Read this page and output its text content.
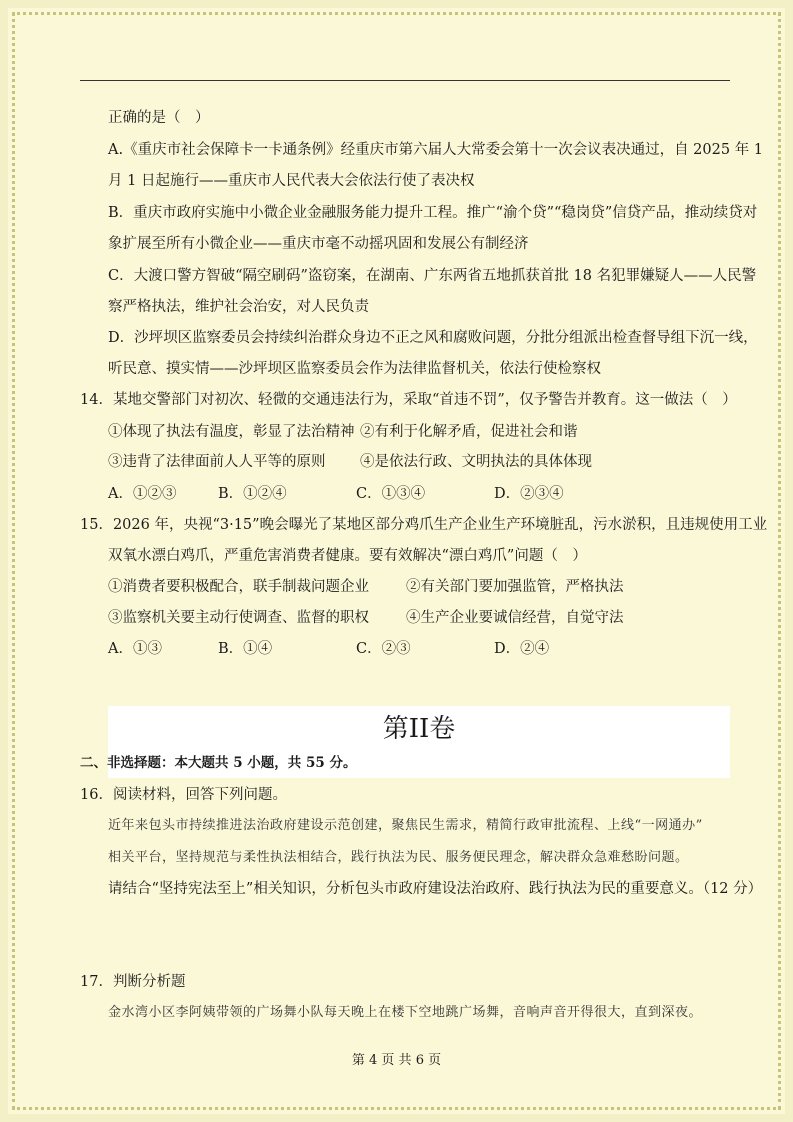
正确的是（　）
A.《重庆市社会保障卡一卡通条例》经重庆市第六届人大常委会第十一次会议表决通过，自 2025 年 1
月 1 日起施行——重庆市人民代表大会依法行使了表决权
B．重庆市政府实施中小微企业金融服务能力提升工程。推广“渝个贷”“稳岗贷”信贷产品，推动续贷对
象扩展至所有小微企业——重庆市毫不动摇巩固和发展公有制经济
C．大渡口警方智破“隔空刷码”盗窃案，在湖南、广东两省五地抓获首批 18 名犯罪嫌疑人——人民警
察严格执法，维护社会治安，对人民负责
D．沙坪坝区监察委员会持续纠治群众身边不正之风和腐败问题，分批分组派出检查督导组下沉一线，
听民意、摸实情——沙坪坝区监察委员会作为法律监督机关，依法行使检察权
14．某地交警部门对初次、轻微的交通违法行为，采取“首违不罚”，仅予警告并教育。这一做法（　）
①体现了执法有温度，彰显了法治精神 ②有利于化解矛盾，促进社会和谐
③违背了法律面前人人平等的原则 ④是依法行政、文明执法的具体体现
A．①②③	B．①②④	C．①③④	D．②③④
15．2026 年，央视“3·15”晚会曝光了某地区部分鸡爪生产企业生产环境脏乱，污水淤积，且违规使用工业
双氧水漂白鸡爪，严重危害消费者健康。要有效解决“漂白鸡爪”问题（　）
①消费者要积极配合，联手制裁问题企业	②有关部门要加强监管，严格执法
③监察机关要主动行使调查、监督的职权	④生产企业要诚信经营，自觉守法
A．①③	B．①④	C．②③	D．②④
第II卷
二、非选择题：本大题共 5 小题，共 55 分。
16．阅读材料，回答下列问题。
近年来包头市持续推进法治政府建设示范创建，聚焦民生需求，精简行政审批流程、上线“一网通办”
相关平台，坚持规范与柔性执法相结合，践行执法为民、服务便民理念，解决群众急难愁盼问题。
请结合“坚持宪法至上”相关知识，分析包头市政府建设法治政府、践行执法为民的重要意义。（12 分）
17．判断分析题
金水湾小区李阿姨带领的广场舞小队每天晚上在楼下空地跳广场舞，音响声音开得很大，直到深夜。
第 4 页 共 6 页
